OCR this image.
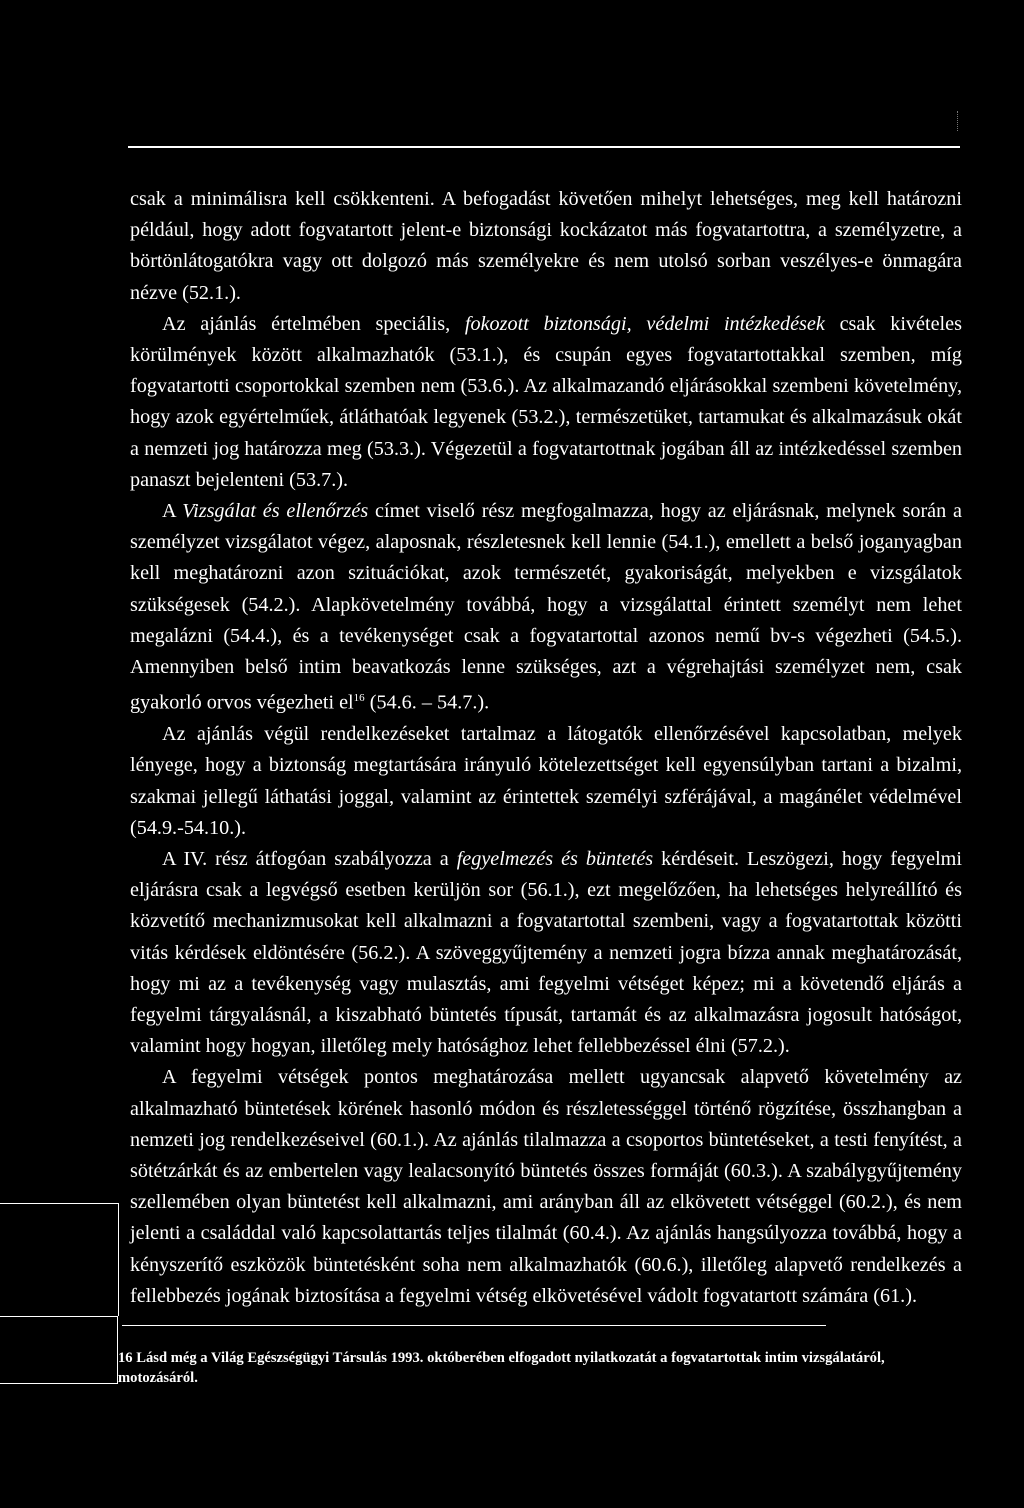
csak a minimálisra kell csökkenteni. A befogadást követően mihelyt lehetséges, meg kell határozni például, hogy adott fogvatartott jelent-e biztonsági kockázatot más fogvatartottra, a személyzetre, a börtönlátogatókra vagy ott dolgozó más személyekre és nem utolsó sorban veszélyes-e önmagára nézve (52.1.).

Az ajánlás értelmében speciális, fokozott biztonsági, védelmi intézkedések csak kivételes körülmények között alkalmazhatók (53.1.), és csupán egyes fogvatartottakkal szemben, míg fogvatartotti csoportokkal szemben nem (53.6.). Az alkalmazandó eljárásokkal szembeni követelmény, hogy azok egyértelműek, átláthatóak legyenek (53.2.), természetüket, tartamukat és alkalmazásuk okát a nemzeti jog határozza meg (53.3.). Végezetül a fogvatartottnak jogában áll az intézkedéssel szemben panaszt bejelenteni (53.7.).

A Vizsgálat és ellenőrzés címet viselő rész megfogalmazza, hogy az eljárásnak, melynek során a személyzet vizsgálatot végez, alaposnak, részletesnek kell lennie (54.1.), emellett a belső joganyagban kell meghatározni azon szituációkat, azok természetét, gyakoriságát, melyekben e vizsgálatok szükségesek (54.2.). Alapkövetelmény továbbá, hogy a vizsgálattal érintett személyt nem lehet megalázni (54.4.), és a tevékenységet csak a fogvatartottal azonos nemű bv-s végezheti (54.5.). Amennyiben belső intim beavatkozás lenne szükséges, azt a végrehajtási személyzet nem, csak gyakorló orvos végezheti $el^{16}$ (54.6. – 54.7.).

Az ajánlás végül rendelkezéseket tartalmaz a látogatók ellenőrzésével kapcsolatban, melyek lényege, hogy a biztonság megtartására irányuló kötelezettséget kell egyensúlyban tartani a bizalmi, szakmai jellegű láthatási joggal, valamint az érintettek személyi szférájával, a magánélet védelmével (54.9.-54.10.).

A IV. rész átfogóan szabályozza a fegyelmezés és büntetés kérdéseit. Leszögezi, hogy fegyelmi eljárásra csak a legvégső esetben kerüljön sor (56.1.), ezt megelőzően, ha lehetséges helyreállító és közvetítő mechanizmusokat kell alkalmazni a fogvatartottal szembeni, vagy a fogvatartottak közötti vitás kérdések eldöntésére (56.2.). A szöveggyűjtemény a nemzeti jogra bízza annak meghatározását, hogy mi az a tevékenység vagy mulasztás, ami fegyelmi vétséget képez; mi a követendő eljárás a fegyelmi tárgyalásnál, a kiszabható büntetés típusát, tartamát és az alkalmazásra jogosult hatóságot, valamint hogy hogyan, illetőleg mely hatósághoz lehet fellebbezéssel élni (57.2.).

A fegyelmi vétségek pontos meghatározása mellett ugyancsak alapvető követelmény az alkalmazható büntetések körének hasonló módon és részletességgel történő rögzítése, összhangban a nemzeti jog rendelkezéseivel (60.1.). Az ajánlás tilalmazza a csoportos büntetéseket, a testi fenyítést, a sötétzárkát és az embertelen vagy lealacsonyító büntetés összes formáját (60.3.). A szabálygyűjtemény szellemében olyan büntetést kell alkalmazni, ami arányban áll az elkövetett vétséggel (60.2.), és nem jelenti a családdal való kapcsolattartás teljes tilalmát (60.4.). Az ajánlás hangsúlyozza továbbá, hogy a kényszerítő eszközök büntetésként soha nem alkalmazhatók (60.6.), illetőleg alapvető rendelkezés a fellebbezés jogának biztosítása a fegyelmi vétség elkövetésével vádolt fogvatartott számára (61.).

16 Lásd még a Világ Egészségügyi Társulás 1993. októberében elfogadott nyilatkozatát a fogvatartottak intim vizsgálatáról, motozásáról.
